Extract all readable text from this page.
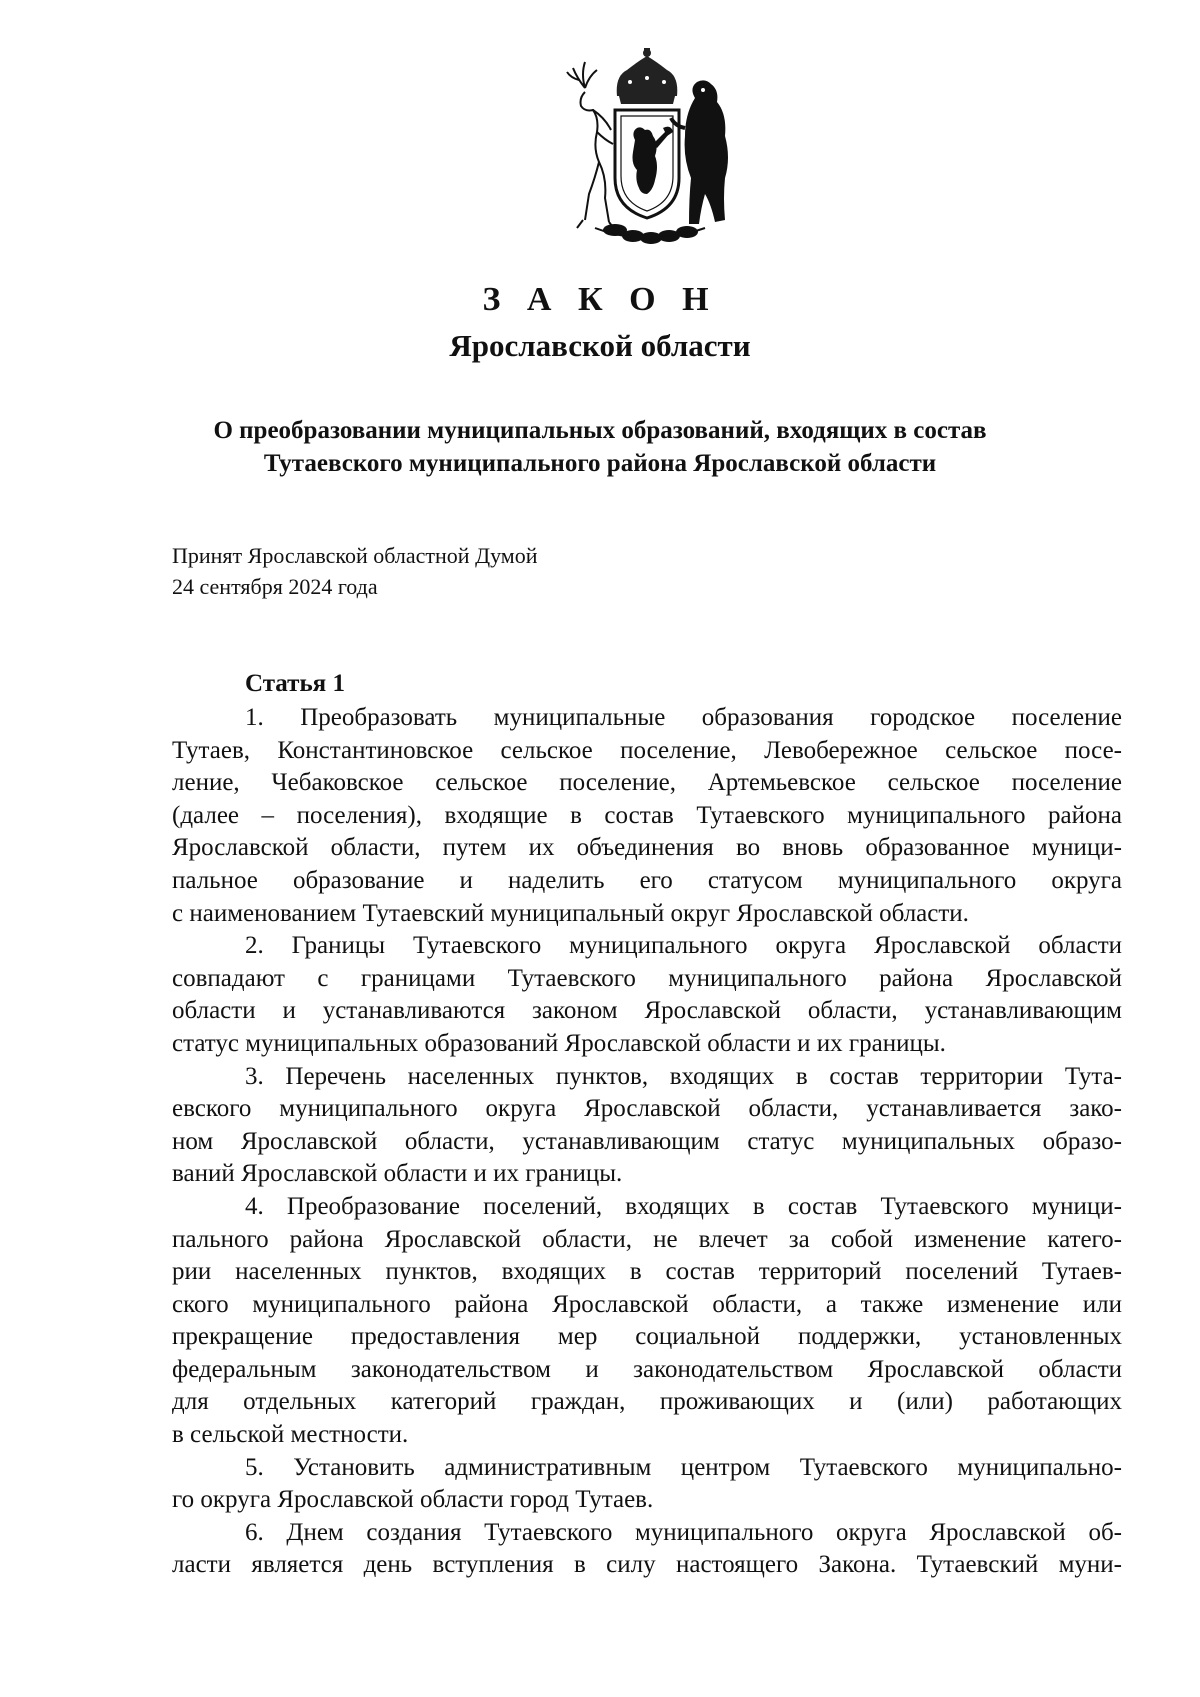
З А К О Н
Ярославской области
О преобразовании муниципальных образований, входящих в состав
Тутаевского муниципального района Ярославской области
Принят Ярославской областной Думой
24 сентября 2024 года
Статья 1
1. Преобразовать муниципальные образования городское поселение
Тутаев, Константиновское сельское поселение, Левобережное сельское посе-
ление, Чебаковское сельское поселение, Артемьевское сельское поселение
(далее – поселения), входящие в состав Тутаевского муниципального района
Ярославской области, путем их объединения во вновь образованное муници-
пальное образование и наделить его статусом муниципального округа
с наименованием Тутаевский муниципальный округ Ярославской области.
2. Границы Тутаевского муниципального округа Ярославской области
совпадают с границами Тутаевского муниципального района Ярославской
области и устанавливаются законом Ярославской области, устанавливающим
статус муниципальных образований Ярославской области и их границы.
3. Перечень населенных пунктов, входящих в состав территории Тута-
евского муниципального округа Ярославской области, устанавливается зако-
ном Ярославской области, устанавливающим статус муниципальных образо-
ваний Ярославской области и их границы.
4. Преобразование поселений, входящих в состав Тутаевского муници-
пального района Ярославской области, не влечет за собой изменение катего-
рии населенных пунктов, входящих в состав территорий поселений Тутаев-
ского муниципального района Ярославской области, а также изменение или
прекращение предоставления мер социальной поддержки, установленных
федеральным законодательством и законодательством Ярославской области
для отдельных категорий граждан, проживающих и (или) работающих
в сельской местности.
5. Установить административным центром Тутаевского муниципально-
го округа Ярославской области город Тутаев.
6. Днем создания Тутаевского муниципального округа Ярославской об-
ласти является день вступления в силу настоящего Закона. Тутаевский муни-
